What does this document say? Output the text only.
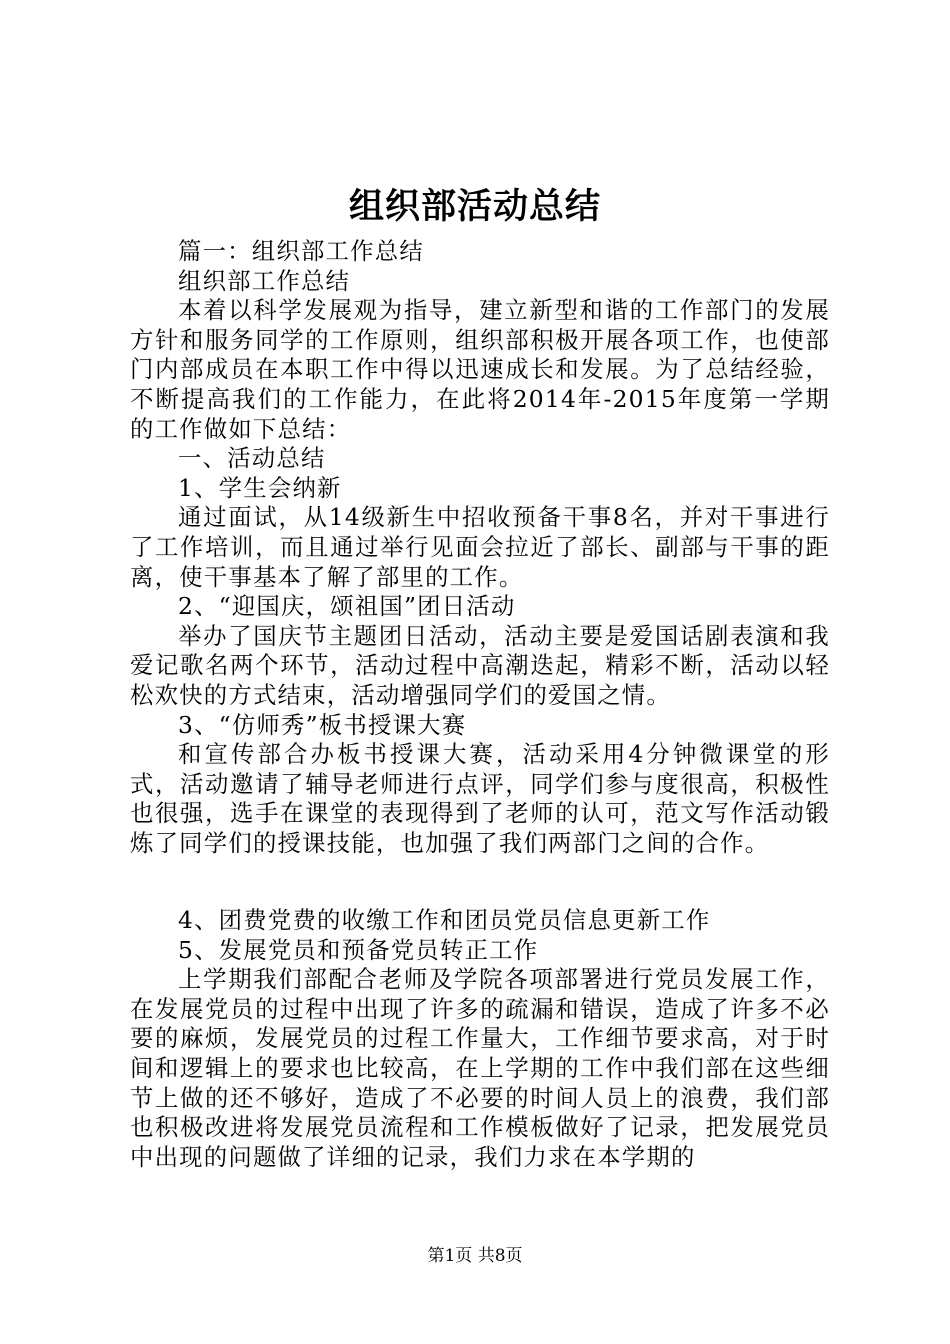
组织部活动总结

篇一：组织部工作总结

组织部工作总结

本着以科学发展观为指导，建立新型和谐的工作部门的发展方针和服务同学的工作原则，组织部积极开展各项工作，也使部门内部成员在本职工作中得以迅速成长和发展。为了总结经验，不断提高我们的工作能力，在此将2014年-2015年度第一学期的工作做如下总结：

一、活动总结

1、学生会纳新

通过面试，从14级新生中招收预备干事8名，并对干事进行了工作培训，而且通过举行见面会拉近了部长、副部与干事的距离，使干事基本了解了部里的工作。

2、“迎国庆，颂祖国”团日活动

举办了国庆节主题团日活动，活动主要是爱国话剧表演和我爱记歌名两个环节，活动过程中高潮迭起，精彩不断，活动以轻松欢快的方式结束，活动增强同学们的爱国之情。

3、“仿师秀”板书授课大赛

和宣传部合办板书授课大赛，活动采用4分钟微课堂的形式，活动邀请了辅导老师进行点评，同学们参与度很高，积极性也很强，选手在课堂的表现得到了老师的认可，范文写作活动锻炼了同学们的授课技能，也加强了我们两部门之间的合作。

4、团费党费的收缴工作和团员党员信息更新工作

5、发展党员和预备党员转正工作

上学期我们部配合老师及学院各项部署进行党员发展工作，在发展党员的过程中出现了许多的疏漏和错误，造成了许多不必要的麻烦，发展党员的过程工作量大，工作细节要求高，对于时间和逻辑上的要求也比较高，在上学期的工作中我们部在这些细节上做的还不够好，造成了不必要的时间人员上的浪费，我们部也积极改进将发展党员流程和工作模板做好了记录，把发展党员中出现的问题做了详细的记录，我们力求在本学期的

第1页 共8页
